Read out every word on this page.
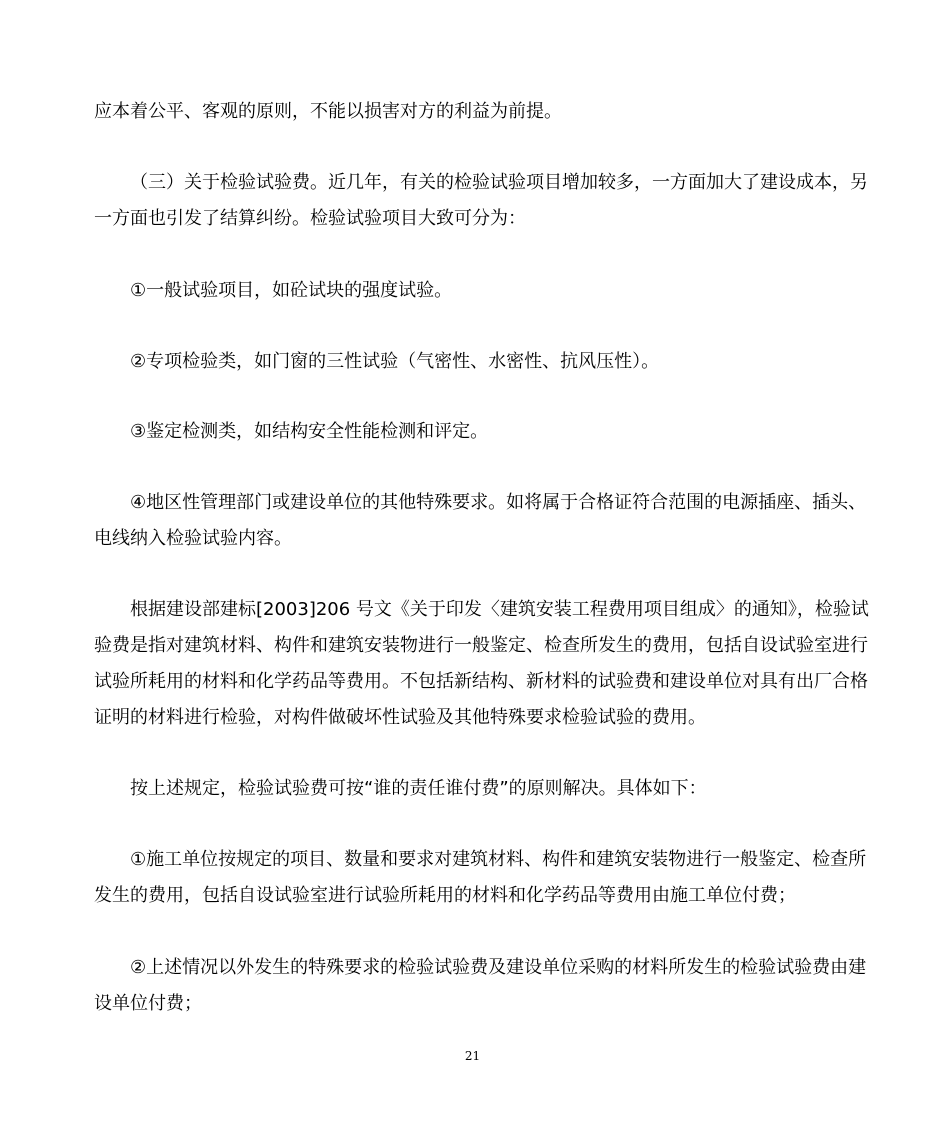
应本着公平、客观的原则，不能以损害对方的利益为前提。

（三）关于检验试验费。近几年，有关的检验试验项目增加较多，一方面加大了建设成本，另一方面也引发了结算纠纷。检验试验项目大致可分为：

①一般试验项目，如砼试块的强度试验。

②专项检验类，如门窗的三性试验（气密性、水密性、抗风压性）。

③鉴定检测类，如结构安全性能检测和评定。

④地区性管理部门或建设单位的其他特殊要求。如将属于合格证符合范围的电源插座、插头、电线纳入检验试验内容。

根据建设部建标[2003]206 号文《关于印发〈建筑安装工程费用项目组成〉的通知》，检验试验费是指对建筑材料、构件和建筑安装物进行一般鉴定、检查所发生的费用，包括自设试验室进行试验所耗用的材料和化学药品等费用。不包括新结构、新材料的试验费和建设单位对具有出厂合格证明的材料进行检验，对构件做破坏性试验及其他特殊要求检验试验的费用。

按上述规定，检验试验费可按“谁的责任谁付费”的原则解决。具体如下：

①施工单位按规定的项目、数量和要求对建筑材料、构件和建筑安装物进行一般鉴定、检查所发生的费用，包括自设试验室进行试验所耗用的材料和化学药品等费用由施工单位付费；

②上述情况以外发生的特殊要求的检验试验费及建设单位采购的材料所发生的检验试验费由建设单位付费；

21
